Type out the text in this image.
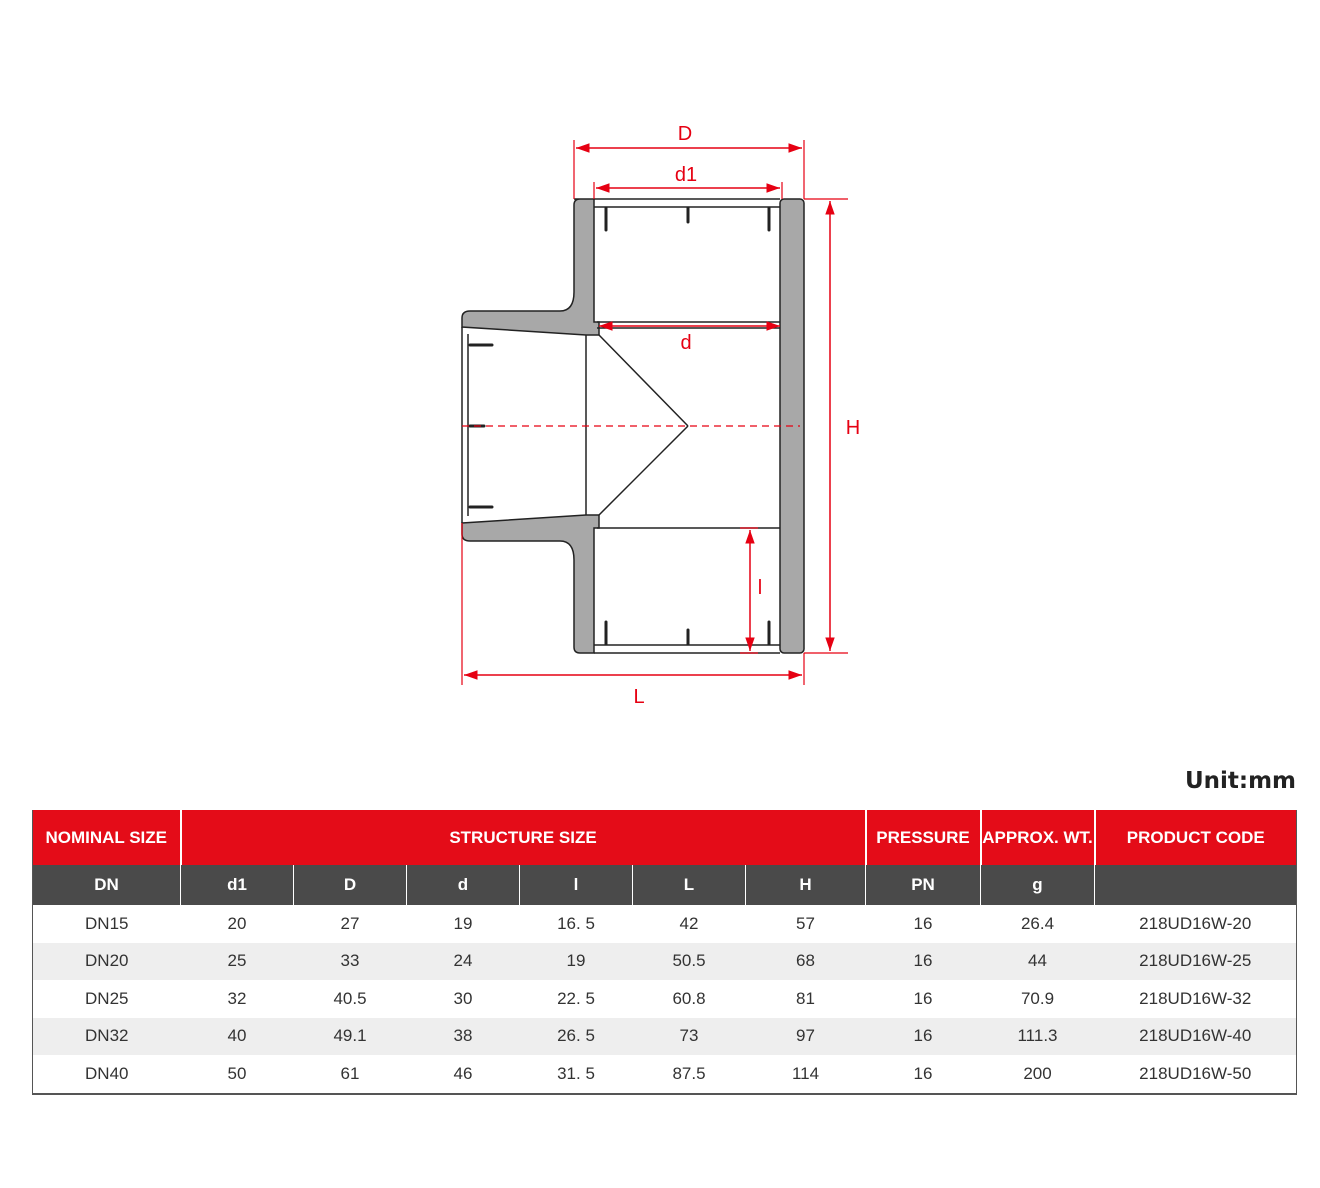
D
d1
d
H
l
L
Unit:mm
NOMINAL SIZE	STRUCTURE SIZE						PRESSURE	APPROX. WT.	PRODUCT CODE
DN	d1	D	d	l	L	H	PN	g	
DN15	20	27	19	16. 5	42	57	16	26.4	218UD16W-20
DN20	25	33	24	19	50.5	68	16	44	218UD16W-25
DN25	32	40.5	30	22. 5	60.8	81	16	70.9	218UD16W-32
DN32	40	49.1	38	26. 5	73	97	16	111.3	218UD16W-40
DN40	50	61	46	31. 5	87.5	114	16	200	218UD16W-50
